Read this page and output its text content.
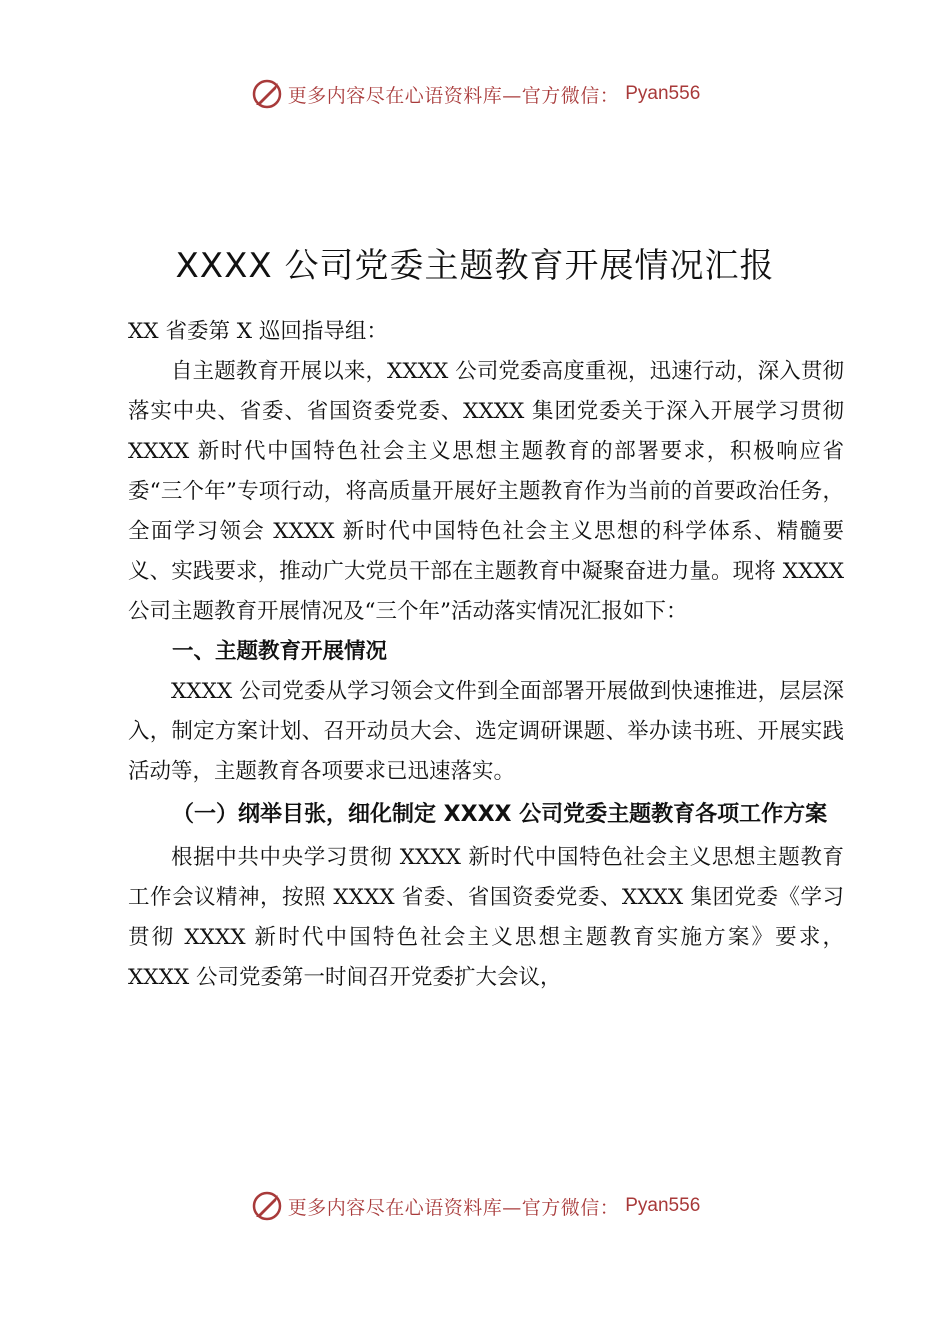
更多内容尽在心语资料库—官方微信： Pyan556
XXXX 公司党委主题教育开展情况汇报

XX 省委第 X 巡回指导组：

自主题教育开展以来，XXXX 公司党委高度重视，迅速行动，深入贯彻落实中央、省委、省国资委党委、XXXX 集团党委关于深入开展学习贯彻 XXXX 新时代中国特色社会主义思想主题教育的部署要求，积极响应省委“三个年”专项行动，将高质量开展好主题教育作为当前的首要政治任务，全面学习领会 XXXX 新时代中国特色社会主义思想的科学体系、精髓要义、实践要求，推动广大党员干部在主题教育中凝聚奋进力量。现将 XXXX 公司主题教育开展情况及“三个年”活动落实情况汇报如下：

一、主题教育开展情况

XXXX 公司党委从学习领会文件到全面部署开展做到快速推进，层层深入，制定方案计划、召开动员大会、选定调研课题、举办读书班、开展实践活动等，主题教育各项要求已迅速落实。

（一）纲举目张，细化制定 XXXX 公司党委主题教育各项工作方案

根据中共中央学习贯彻 XXXX 新时代中国特色社会主义思想主题教育工作会议精神，按照 XXXX 省委、省国资委党委、XXXX 集团党委《学习贯彻 XXXX 新时代中国特色社会主义思想主题教育实施方案》要求，XXXX 公司党委第一时间召开党委扩大会议，

更多内容尽在心语资料库—官方微信： Pyan556
